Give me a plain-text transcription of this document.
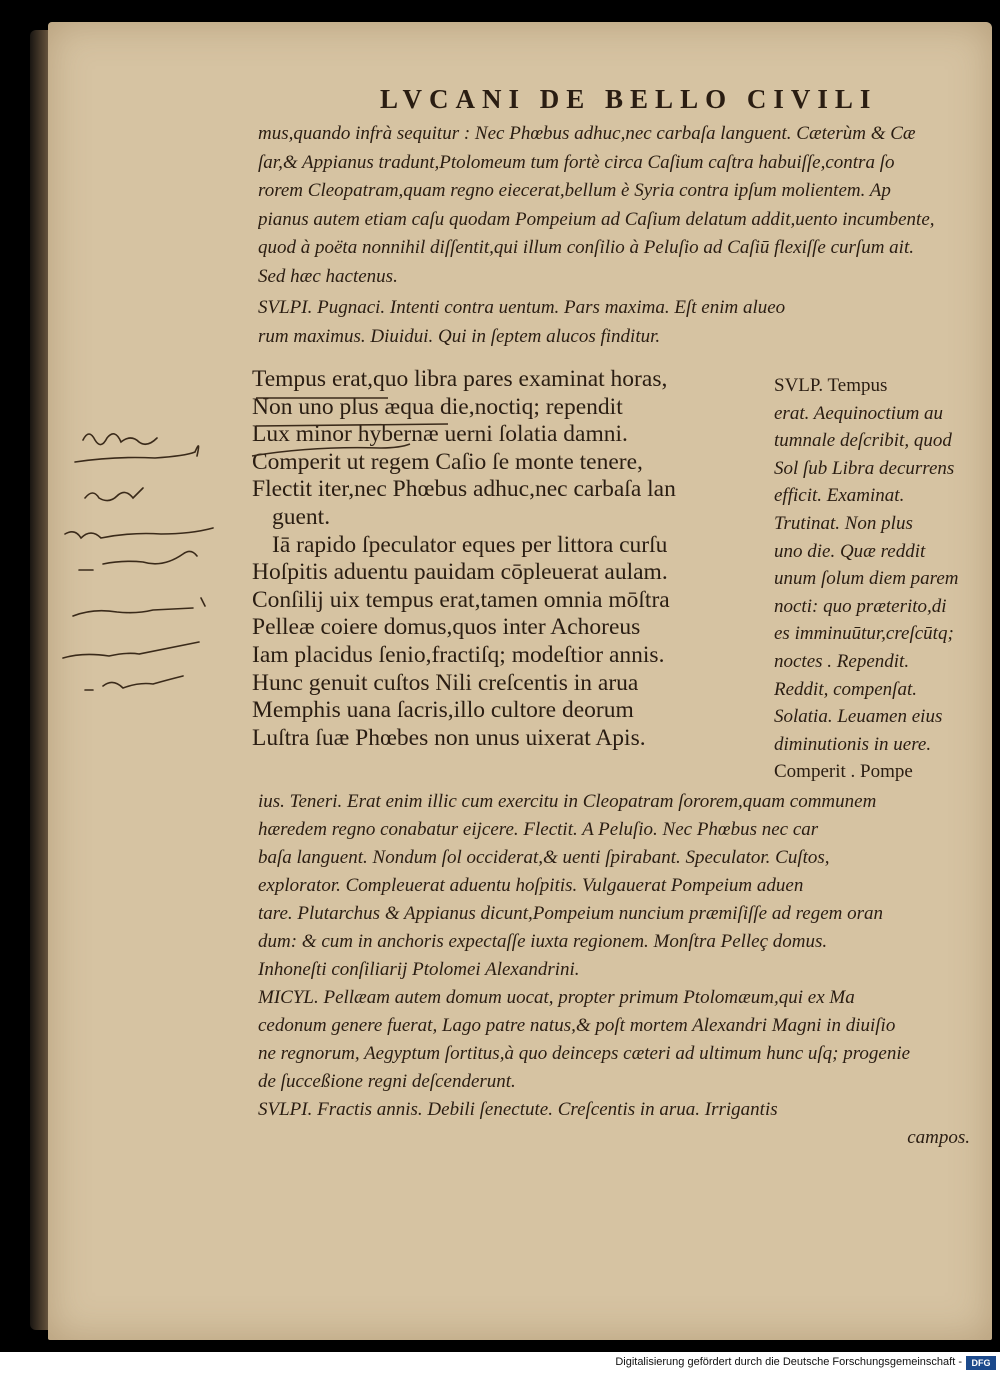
LVCANI DE BELLO CIVILI

mus,quando infrà sequitur : Nec Phœbus adhuc,nec carbaſa languent. Cæterùm & Cæ

ſar,& Appianus tradunt,Ptolomeum tum fortè circa Caſium caſtra habuiſſe,contra ſo

rorem Cleopatram,quam regno eiecerat,bellum è Syria contra ipſum molientem. Ap

pianus autem etiam caſu quodam Pompeium ad Caſium delatum addit,uento incumbente,

quod à poëta nonnihil diſſentit,qui illum conſilio à Peluſio ad Caſiū flexiſſe curſum ait.

Sed hæc hactenus.

SVLPI. Pugnaci. Intenti contra uentum. Pars maxima. Eſt enim alueo

rum maximus. Diuidui. Qui in ſeptem alucos finditur.

Tempus erat,quo libra pares examinat horas,

Non uno plus æqua die,noctiq; rependit

Lux minor hybernæ uerni ſolatia damni.

Comperit ut regem Caſio ſe monte tenere,

Flectit iter,nec Phœbus adhuc,nec carbaſa lan

guent.

Iā rapido ſpeculator eques per littora curſu

Hoſpitis aduentu pauidam cōpleuerat aulam.

Conſilij uix tempus erat,tamen omnia mōſtra

Pelleæ coiere domus,quos inter Achoreus

Iam placidus ſenio,fractiſq; modeſtior annis.

Hunc genuit cuſtos Nili creſcentis in arua

Memphis uana ſacris,illo cultore deorum

Luſtra ſuæ Phœbes non unus uixerat Apis.

SVLP. Tempus

erat. Aequinoctium au

tumnale deſcribit, quod

Sol ſub Libra decurrens

efficit. Examinat.

Trutinat. Non plus

uno die. Quæ reddit

unum ſolum diem parem

nocti: quo præterito,di

es imminuūtur,creſcūtq;

noctes . Rependit.

Reddit, compenſat.

Solatia. Leuamen eius

diminutionis in uere.

Comperit . Pompe

ius. Teneri. Erat enim illic cum exercitu in Cleopatram ſororem,quam communem

hæredem regno conabatur eijcere. Flectit. A Peluſio. Nec Phœbus nec car

baſa languent. Nondum ſol occiderat,& uenti ſpirabant. Speculator. Cuſtos,

explorator. Compleuerat aduentu hoſpitis. Vulgauerat Pompeium aduen

tare. Plutarchus & Appianus dicunt,Pompeium nuncium præmiſiſſe ad regem oran

dum: & cum in anchoris expectaſſe iuxta regionem. Monſtra Pelleç domus.

Inhoneſti conſiliarij Ptolomei Alexandrini.

MICYL. Pellæam autem domum uocat, propter primum Ptolomæum,qui ex Ma

cedonum genere fuerat, Lago patre natus,& poſt mortem Alexandri Magni in diuiſio

ne regnorum, Aegyptum ſortitus,à quo deinceps cæteri ad ultimum hunc uſq; progenie

de ſucceßione regni deſcenderunt.

SVLPI. Fractis annis. Debili ſenectute. Creſcentis in arua. Irrigantis

campos.

Digitalisierung gefördert durch die Deutsche Forschungsgemeinschaft -	DFG
